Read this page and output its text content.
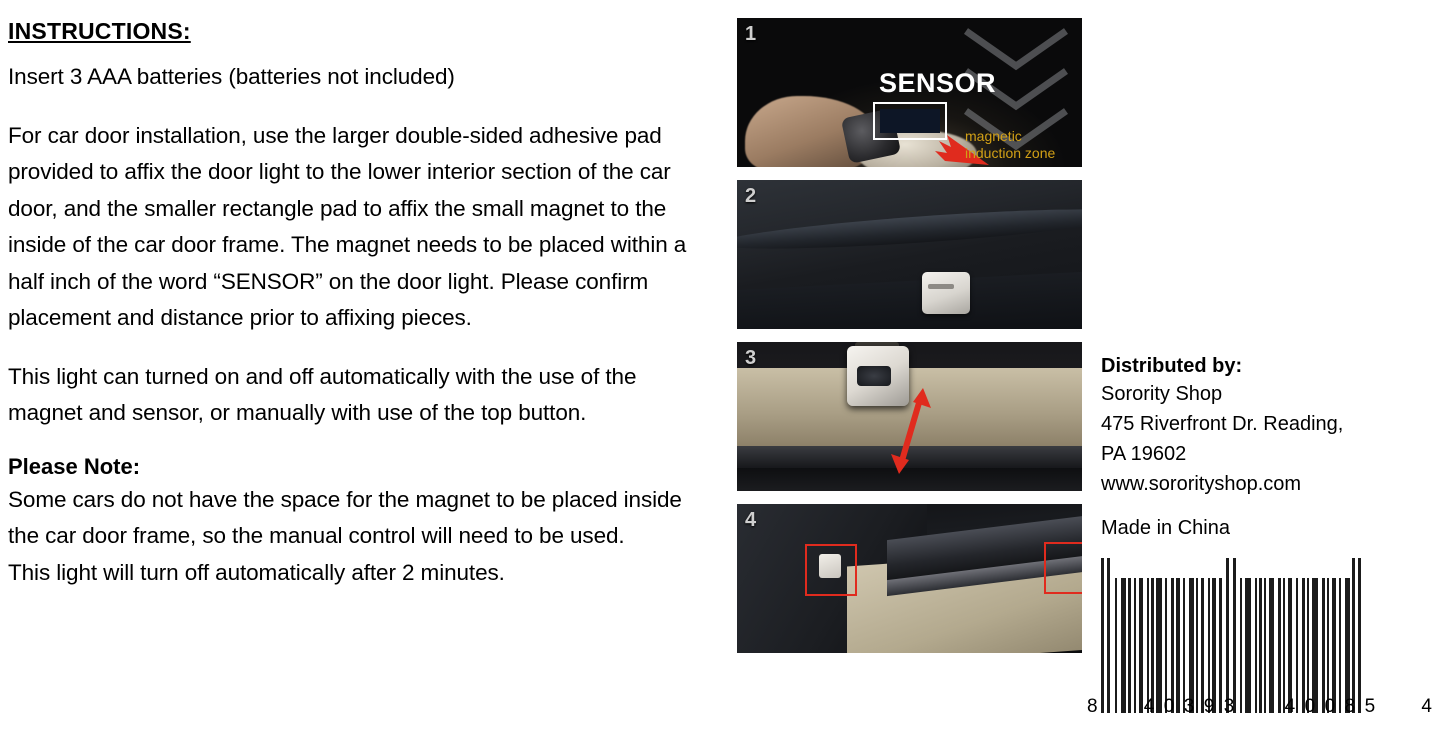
INSTRUCTIONS:

Insert 3 AAA batteries (batteries not included)

For car door installation, use the larger double-sided adhesive pad provided to affix the door light to the lower interior section of the car door, and the smaller rectangle pad to affix the small magnet to the inside of the car door frame. The magnet needs to be placed within a half inch of the word “SENSOR” on the door light. Please confirm placement and distance prior to affixing pieces.

This light can turned on and off automatically with the use of the magnet and sensor, or manually with use of the top button.

Please Note:

Some cars do not have the space for the magnet to be placed inside the car door frame, so the manual control will need to be used.

This light will turn off automatically after 2 minutes.

1
SENSOR
magnetic
induction zone
2
3
4

Distributed by:

Sorority Shop

475 Riverfront Dr. Reading,

PA 19602

www.sororityshop.com

Made in China

8 4 0 3 9 3	4 0 0 8 5 4
